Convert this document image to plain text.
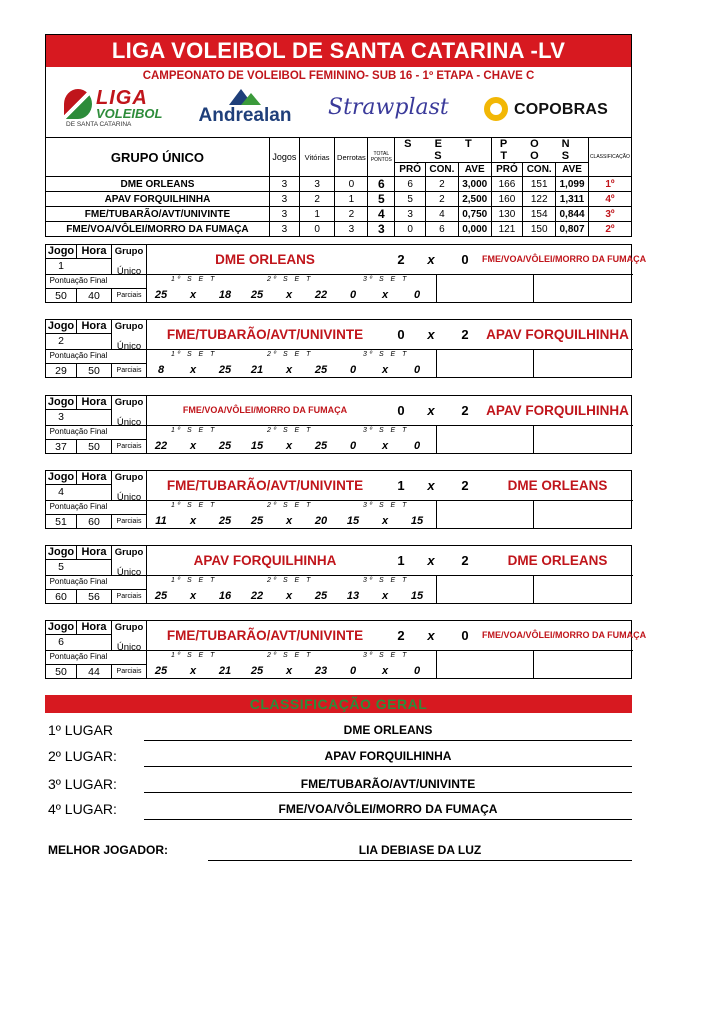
LIGA VOLEIBOL DE SANTA CATARINA -LV
CAMPEONATO DE VOLEIBOL FEMININO- SUB 16 - 1º ETAPA - CHAVE C
LIGA
VOLEIBOL
DE SANTA CATARINA	Andrealan	Strawplast	COPOBRAS
GRUPO ÚNICO	Jogos	Vitórias	Derrotas	TOTAL PONTOS	S E T S			P O N T O S			CLASSIFICAÇÃO
					PRÓ	CON.	AVE	PRÓ	CON.	AVE	
DME ORLEANS	3	3	0	6	6	2	3,000	166	151	1,099	1º
APAV FORQUILHINHA	3	2	1	5	5	2	2,500	160	122	1,311	4º
FME/TUBARÃO/AVT/UNIVINTE	3	1	2	4	3	4	0,750	130	154	0,844	3º
FME/VOA/VÔLEI/MORRO DA FUMAÇA	3	0	3	3	0	6	0,000	121	150	0,807	2º
Jogo Hora Grupo
1	Único
Pontuação Final
50	40	Parciais
DME ORLEANS	2	x	0	FME/VOA/VÔLEI/MORRO DA FUMAÇA
1º S E T	2º S E T	3º S E T
25	x	18	25	x	22	0	x	0
Jogo Hora Grupo
2	Único
Pontuação Final
29	50	Parciais
FME/TUBARÃO/AVT/UNIVINTE	0	x	2	APAV FORQUILHINHA
1º S E T	2º S E T	3º S E T
8	x	25	21	x	25	0	x	0
Jogo Hora Grupo
3	Único
Pontuação Final
37	50	Parciais
FME/VOA/VÔLEI/MORRO DA FUMAÇA	0	x	2	APAV FORQUILHINHA
1º S E T	2º S E T	3º S E T
22	x	25	15	x	25	0	x	0
Jogo Hora Grupo
4	Único
Pontuação Final
51	60	Parciais
FME/TUBARÃO/AVT/UNIVINTE	1	x	2	DME ORLEANS
1º S E T	2º S E T	3º S E T
11	x	25	25	x	20	15	x	15
Jogo Hora Grupo
5	Único
Pontuação Final
60	56	Parciais
APAV FORQUILHINHA	1	x	2	DME ORLEANS
1º S E T	2º S E T	3º S E T
25	x	16	22	x	25	13	x	15
Jogo Hora Grupo
6	Único
Pontuação Final
50	44	Parciais
FME/TUBARÃO/AVT/UNIVINTE	2	x	0	FME/VOA/VÔLEI/MORRO DA FUMAÇA
1º S E T	2º S E T	3º S E T
25	x	21	25	x	23	0	x	0
CLASSIFICAÇÃO GERAL
1º LUGAR	DME ORLEANS
2º LUGAR:	APAV FORQUILHINHA
3º LUGAR:	FME/TUBARÃO/AVT/UNIVINTE
4º LUGAR:	FME/VOA/VÔLEI/MORRO DA FUMAÇA
MELHOR JOGADOR:	LIA DEBIASE DA LUZ
